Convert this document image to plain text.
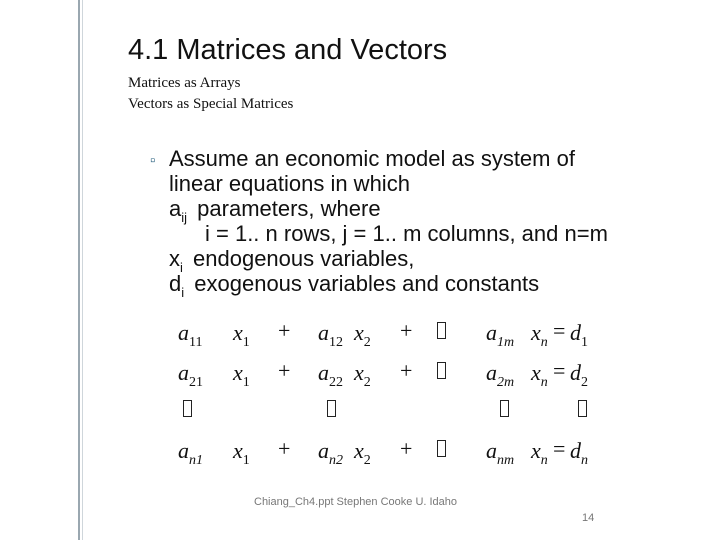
4.1 Matrices and Vectors
Matrices as Arrays
Vectors as Special Matrices
▫ Assume an economic model as system of
linear equations in which
$a_{ij}$ parameters, where
i = 1.. n rows, j = 1.. m columns, and n=m
$x_i$ endogenous variables,
$d_i$ exogenous variables and constants
$a_{11}$ $x_1 + a_{12}$ $x_2$ +	$a_{1m}$ $x_n = d_1$
$a_{21}$ $x_1 + a_{22}$ $x_2$ +	$a_{2m}$ $x_n = d_2$
$a_{n1}$ $x_1 + a_{n2}$ $x_2$ +	$a_{nm}$ $x_n = d_n$
Chiang_Ch4.ppt Stephen Cooke U. Idaho
14
